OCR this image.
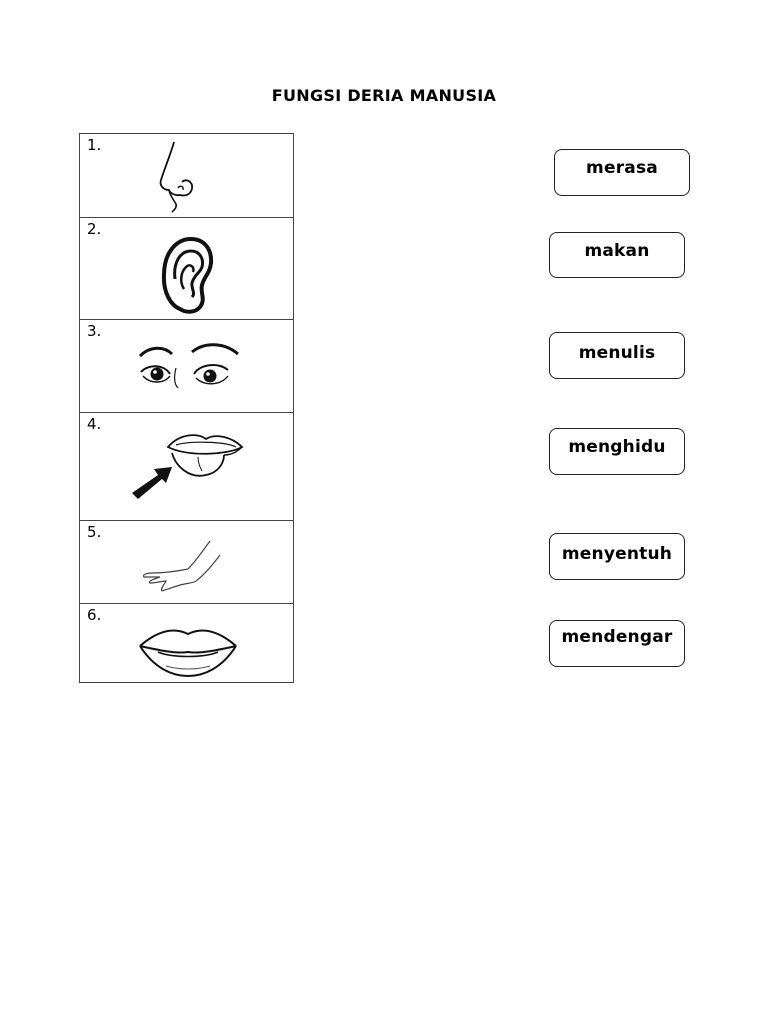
FUNGSI DERIA MANUSIA
1.
2.
3.
4.
5.
6.
merasa
makan
menulis
menghidu
menyentuh
mendengar
